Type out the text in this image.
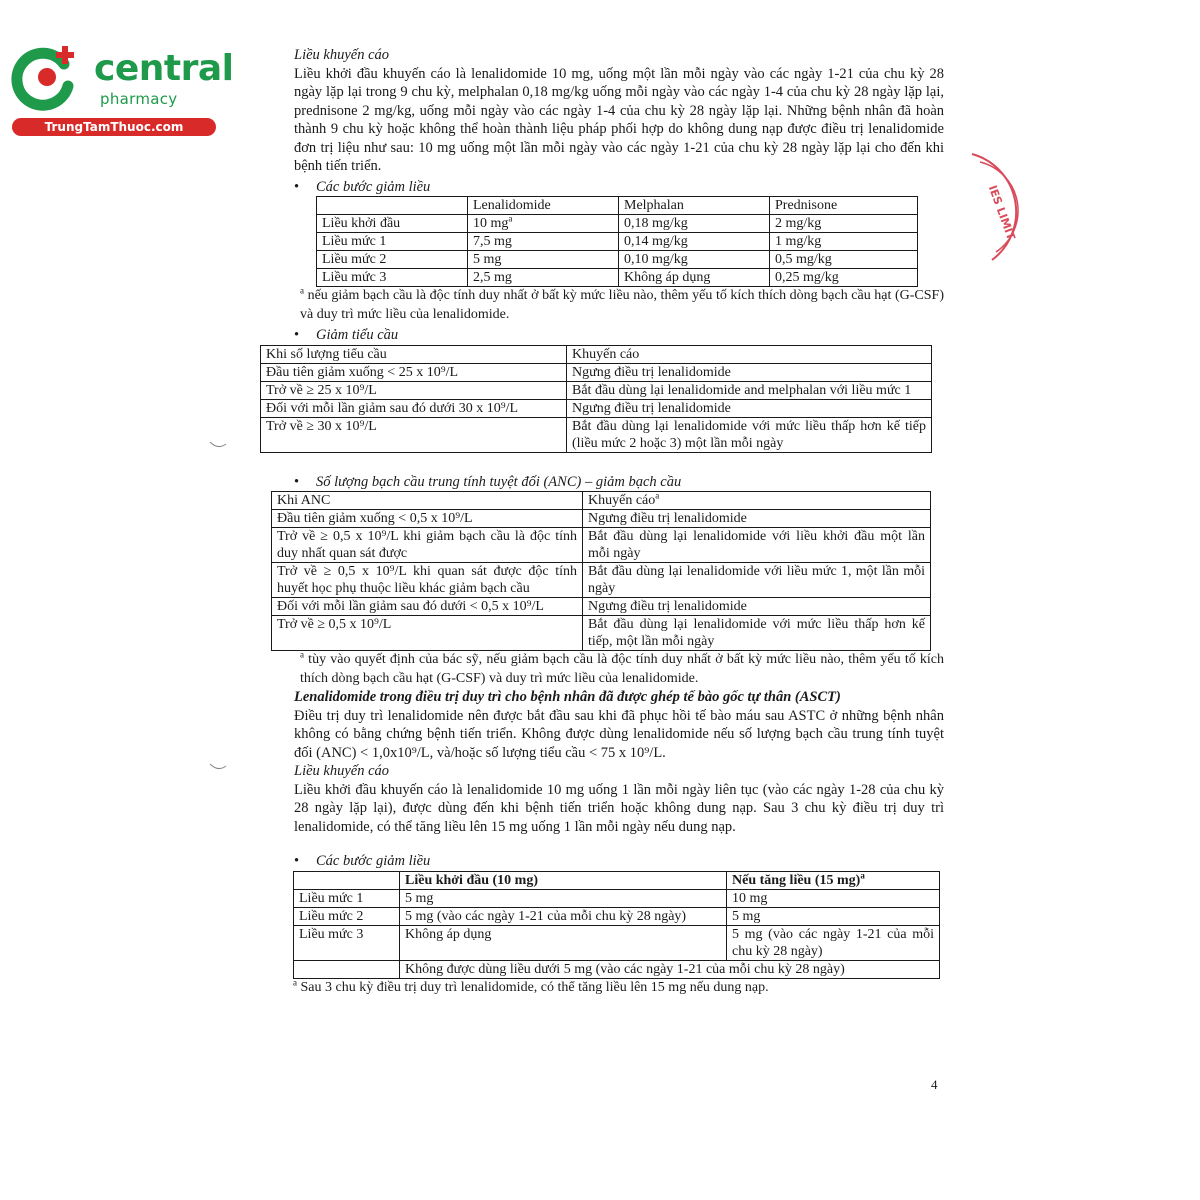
central
pharmacy
TrungTamThuoc.com
IES LIMIT

Liều khuyến cáo

Liều khởi đầu khuyến cáo là lenalidomide 10 mg, uống một lần mỗi ngày vào các ngày 1-21 của chu kỳ 28 ngày lặp lại trong 9 chu kỳ, melphalan 0,18 mg/kg uống mỗi ngày vào các ngày 1-4 của chu kỳ 28 ngày lặp lại, prednisone 2 mg/kg, uống mỗi ngày vào các ngày 1-4 của chu kỳ 28 ngày lặp lại. Những bệnh nhân đã hoàn thành 9 chu kỳ hoặc không thể hoàn thành liệu pháp phối hợp do không dung nạp được điều trị lenalidomide đơn trị liệu như sau: 10 mg uống một lần mỗi ngày vào các ngày 1-21 của chu kỳ 28 ngày lặp lại cho đến khi bệnh tiến triển.

• Các bước giảm liều
	Lenalidomide	Melphalan	Prednisone
Liều khởi đầu	10 $mg^a$	0,18 mg/kg	2 mg/kg
Liều mức 1	7,5 mg	0,14 mg/kg	1 mg/kg
Liều mức 2	5 mg	0,10 mg/kg	0,5 mg/kg
Liều mức 3	2,5 mg	Không áp dụng	0,25 mg/kg

$^a$ nếu giảm bạch cầu là độc tính duy nhất ở bất kỳ mức liều nào, thêm yếu tố kích thích dòng bạch cầu hạt (G-CSF) và duy trì mức liều của lenalidomide.

• Giảm tiểu cầu
Khi số lượng tiểu cầu	Khuyến cáo
Đầu tiên giảm xuống < 25 x 10⁹/L	Ngưng điều trị lenalidomide
Trở về ≥ 25 x 10⁹/L	Bắt đầu dùng lại lenalidomide and melphalan với liều mức 1
Đối với mỗi lần giảm sau đó dưới 30 x 10⁹/L	Ngưng điều trị lenalidomide
Trở về ≥ 30 x 10⁹/L	Bắt đầu dùng lại lenalidomide với mức liều thấp hơn kế tiếp (liều mức 2 hoặc 3) một lần mỗi ngày
• Số lượng bạch cầu trung tính tuyệt đối (ANC) – giảm bạch cầu
Khi ANC	Khuyến cáo$^a$
Đầu tiên giảm xuống < 0,5 x 10⁹/L	Ngưng điều trị lenalidomide
Trở về ≥ 0,5 x 10⁹/L khi giảm bạch cầu là độc tính duy nhất quan sát được	Bắt đầu dùng lại lenalidomide với liều khởi đầu một lần mỗi ngày
Trở về ≥ 0,5 x 10⁹/L khi quan sát được độc tính huyết học phụ thuộc liều khác giảm bạch cầu	Bắt đầu dùng lại lenalidomide với liều mức 1, một lần mỗi ngày
Đối với mỗi lần giảm sau đó dưới < 0,5 x 10⁹/L	Ngưng điều trị lenalidomide
Trở về ≥ 0,5 x 10⁹/L	Bắt đầu dùng lại lenalidomide với mức liều thấp hơn kế tiếp, một lần mỗi ngày

$^a$ tùy vào quyết định của bác sỹ, nếu giảm bạch cầu là độc tính duy nhất ở bất kỳ mức liều nào, thêm yếu tố kích thích dòng bạch cầu hạt (G-CSF) và duy trì mức liều của lenalidomide.

Lenalidomide trong điều trị duy trì cho bệnh nhân đã được ghép tế bào gốc tự thân (ASCT)

Điều trị duy trì lenalidomide nên được bắt đầu sau khi đã phục hồi tế bào máu sau ASTC ở những bệnh nhân không có bằng chứng bệnh tiến triển. Không được dùng lenalidomide nếu số lượng bạch cầu trung tính tuyệt đối (ANC) < 1,0x10⁹/L, và/hoặc số lượng tiểu cầu < 75 x 10⁹/L.

Liều khuyến cáo

Liều khởi đầu khuyến cáo là lenalidomide 10 mg uống 1 lần mỗi ngày liên tục (vào các ngày 1-28 của chu kỳ 28 ngày lặp lại), được dùng đến khi bệnh tiến triển hoặc không dung nạp. Sau 3 chu kỳ điều trị duy trì lenalidomide, có thể tăng liều lên 15 mg uống 1 lần mỗi ngày nếu dung nạp.

• Các bước giảm liều
	Liều khởi đầu (10 mg)	Nếu tăng liều (15 mg)$^a$
Liều mức 1	5 mg	10 mg
Liều mức 2	5 mg (vào các ngày 1-21 của mỗi chu kỳ 28 ngày)	5 mg
Liều mức 3	Không áp dụng	5 mg (vào các ngày 1-21 của mỗi chu kỳ 28 ngày)
	Không được dùng liều dưới 5 mg (vào các ngày 1-21 của mỗi chu kỳ 28 ngày)	

$^a$ Sau 3 chu kỳ điều trị duy trì lenalidomide, có thể tăng liều lên 15 mg nếu dung nạp.

4
